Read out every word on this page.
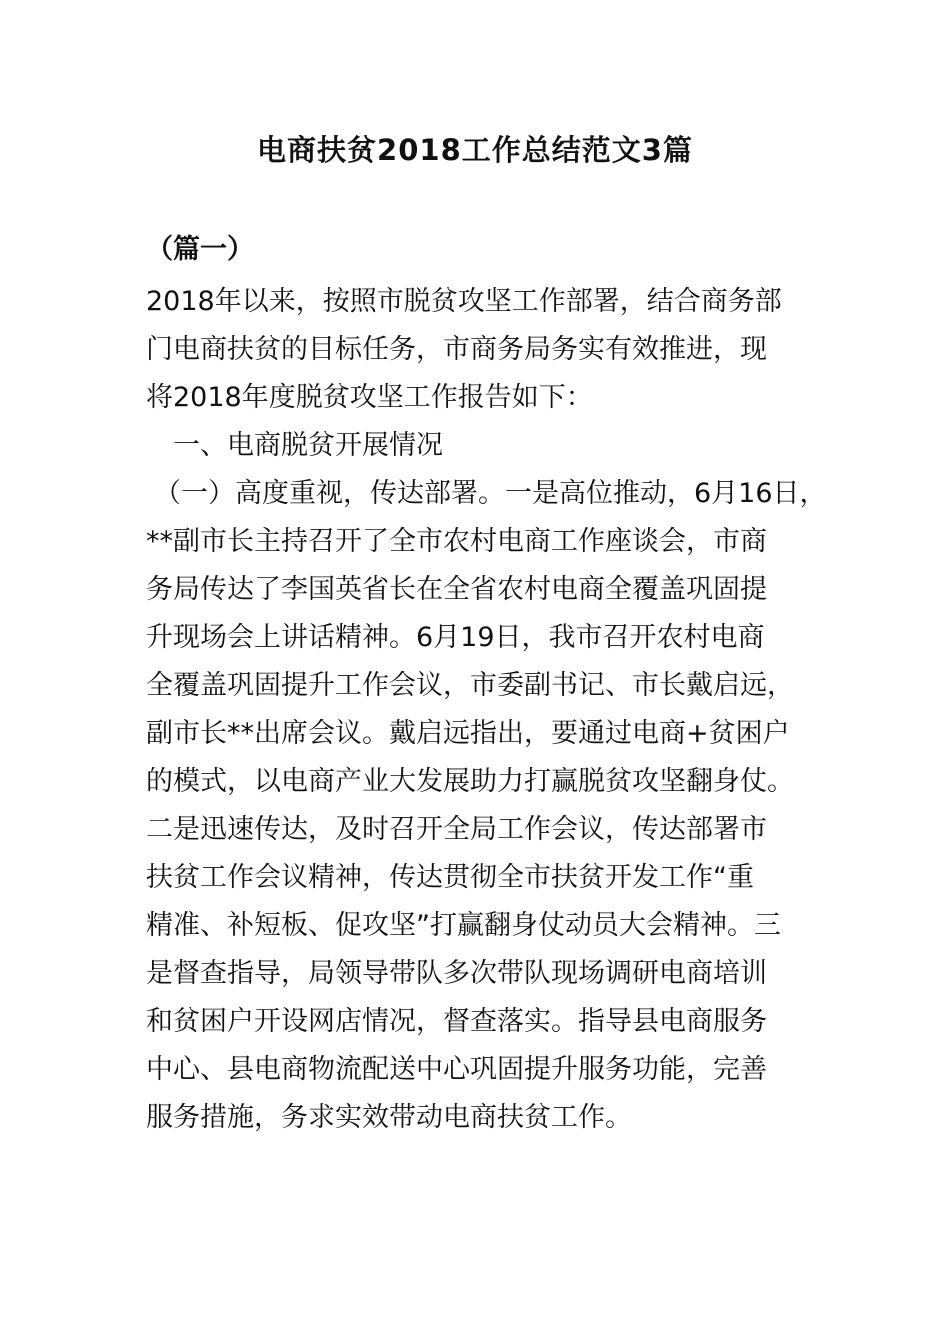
电商扶贫2018工作总结范文3篇
（篇一）
2018年以来，按照市脱贫攻坚工作部署，结合商务部
门电商扶贫的目标任务，市商务局务实有效推进，现
将2018年度脱贫攻坚工作报告如下：
一、电商脱贫开展情况
（一）高度重视，传达部署。一是高位推动，6月16日，
**副市长主持召开了全市农村电商工作座谈会，市商
务局传达了李国英省长在全省农村电商全覆盖巩固提
升现场会上讲话精神。6月19日，我市召开农村电商
全覆盖巩固提升工作会议，市委副书记、市长戴启远，
副市长**出席会议。戴启远指出，要通过电商+贫困户
的模式，以电商产业大发展助力打赢脱贫攻坚翻身仗。
二是迅速传达，及时召开全局工作会议，传达部署市
扶贫工作会议精神，传达贯彻全市扶贫开发工作“重
精准、补短板、促攻坚”打赢翻身仗动员大会精神。三
是督查指导，局领导带队多次带队现场调研电商培训
和贫困户开设网店情况，督查落实。指导县电商服务
中心、县电商物流配送中心巩固提升服务功能，完善
服务措施，务求实效带动电商扶贫工作。
